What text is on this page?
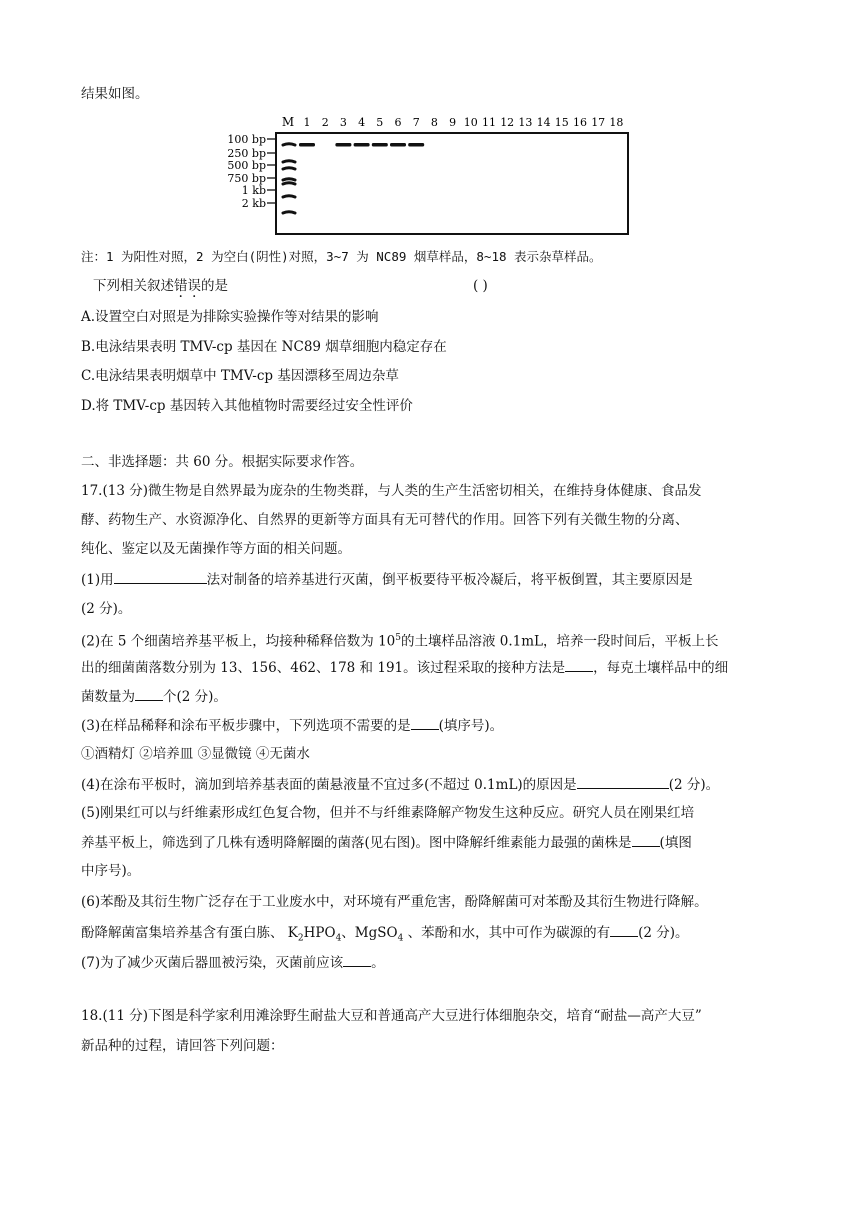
结果如图。
M 1 2 3 4 5 6 7 8 9 10 11 12 13 14 15 16 17 18
100 bp
250 bp
500 bp
750 bp
1 kb
2 kb
注：1 为阳性对照，2 为空白(阴性)对照，3~7 为 NC89 烟草样品，8~18 表示杂草样品。
下列相关叙述错误的是	( )
A.设置空白对照是为排除实验操作等对结果的影响
B.电泳结果表明 TMV-cp 基因在 NC89 烟草细胞内稳定存在
C.电泳结果表明烟草中 TMV-cp 基因漂移至周边杂草
D.将 TMV-cp 基因转入其他植物时需要经过安全性评价
二、非选择题：共 60 分。根据实际要求作答。
17.(13 分)微生物是自然界最为庞杂的生物类群，与人类的生产生活密切相关，在维持身体健康、食品发
酵、药物生产、水资源净化、自然界的更新等方面具有无可替代的作用。回答下列有关微生物的分离、
纯化、鉴定以及无菌操作等方面的相关问题。
(1)用	法对制备的培养基进行灭菌，倒平板要待平板冷凝后，将平板倒置，其主要原因是
(2 分)。
(2)在 5 个细菌培养基平板上，均接种稀释倍数为 $10^5$的土壤样品溶液 0.1mL，培养一段时间后，平板上长
出的细菌菌落数分别为 13、156、462、178 和 191。该过程采取的接种方法是 ，每克土壤样品中的细
菌数量为 个(2 分)。
(3)在样品稀释和涂布平板步骤中，下列选项不需要的是 (填序号)。
①酒精灯 ②培养皿 ③显微镜 ④无菌水
(4)在涂布平板时，滴加到培养基表面的菌悬液量不宜过多(不超过 0.1mL)的原因是	(2 分)。
(5)刚果红可以与纤维素形成红色复合物，但并不与纤维素降解产物发生这种反应。研究人员在刚果红培
养基平板上，筛选到了几株有透明降解圈的菌落(见右图)。图中降解纤维素能力最强的菌株是 (填图
中序号)。
(6)苯酚及其衍生物广泛存在于工业废水中，对环境有严重危害，酚降解菌可对苯酚及其衍生物进行降解。
酚降解菌富集培养基含有蛋白胨、 $K_2HPO_4$、MgSO$_4$ 、苯酚和水，其中可作为碳源的有 (2 分)。
(7)为了减少灭菌后器皿被污染，灭菌前应该 。
18.(11 分)下图是科学家利用滩涂野生耐盐大豆和普通高产大豆进行体细胞杂交，培育“耐盐—高产大豆”
新品种的过程，请回答下列问题：
